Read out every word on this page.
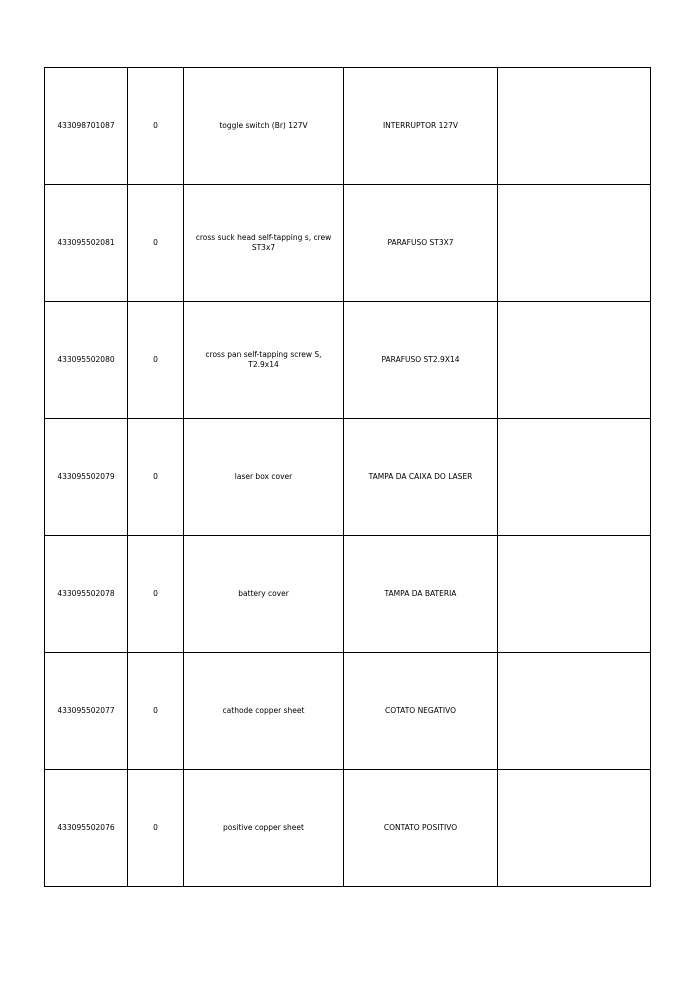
433098701087	0	toggle switch (Br) 127V	INTERRUPTOR 127V	
433095502081	0	cross suck head self-tapping s, crew ST3x7	PARAFUSO ST3X7	
433095502080	0	cross pan self-tapping screw S, T2.9x14	PARAFUSO ST2.9X14	
433095502079	0	laser box cover	TAMPA DA CAIXA DO LASER	
433095502078	0	battery cover	TAMPA DA BATERIA	
433095502077	0	cathode copper sheet	COTATO NEGATIVO	
433095502076	0	positive copper sheet	CONTATO POSITIVO	
